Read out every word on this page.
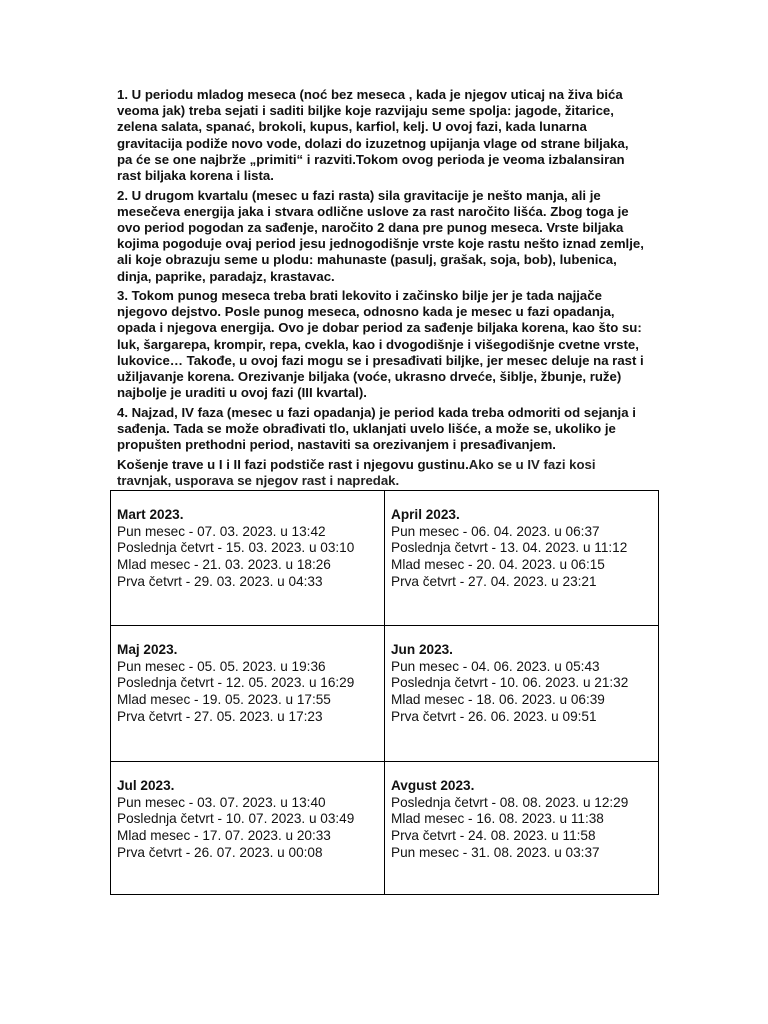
1. U periodu mladog meseca (noć bez meseca , kada je njegov uticaj na živa bića veoma jak) treba sejati i saditi biljke koje razvijaju seme spolja: jagode, žitarice, zelena salata, spanać, brokoli, kupus, karfiol, kelj. U ovoj fazi, kada lunarna gravitacija podiže novo vode, dolazi do izuzetnog upijanja vlage od strane biljaka, pa će se one najbrže „primiti“ i razviti.Tokom ovog perioda je veoma izbalansiran rast biljaka korena i lista.

2. U drugom kvartalu (mesec u fazi rasta) sila gravitacije je nešto manja, ali je mesečeva energija jaka i stvara odlične uslove za rast naročito lišća. Zbog toga je ovo period pogodan za sađenje, naročito 2 dana pre punog meseca. Vrste biljaka kojima pogoduje ovaj period jesu jednogodišnje vrste koje rastu nešto iznad zemlje, ali koje obrazuju seme u plodu: mahunaste (pasulj, grašak, soja, bob), lubenica, dinja, paprike, paradajz, krastavac.

3. Tokom punog meseca treba brati lekovito i začinsko bilje jer je tada najjače njegovo dejstvo. Posle punog meseca, odnosno kada je mesec u fazi opadanja, opada i njegova energija. Ovo je dobar period za sađenje biljaka korena, kao što su: luk, šargarepa, krompir, repa, cvekla, kao i dvogodišnje i višegodišnje cvetne vrste, lukovice… Takođe, u ovoj fazi mogu se i presađivati biljke, jer mesec deluje na rast i užiljavanje korena. Orezivanje biljaka (voće, ukrasno drveće, šiblje, žbunje, ruže) najbolje je uraditi u ovoj fazi (III kvartal).

4. Najzad, IV faza (mesec u fazi opadanja) je period kada treba odmoriti od sejanja i sađenja. Tada se može obrađivati tlo, uklanjati uvelo lišće, a može se, ukoliko je propušten prethodni period, nastaviti sa orezivanjem i presađivanjem.

Košenje trave u I i II fazi podstiče rast i njegovu gustinu.Ako se u IV fazi kosi travnjak, usporava se njegov rast i napredak.

Mart 2023.
Pun mesec - 07. 03. 2023. u 13:42
Poslednja četvrt - 15. 03. 2023. u 03:10
Mlad mesec - 21. 03. 2023. u 18:26
Prva četvrt - 29. 03. 2023. u 04:33
April 2023.
Pun mesec - 06. 04. 2023. u 06:37
Poslednja četvrt - 13. 04. 2023. u 11:12
Mlad mesec - 20. 04. 2023. u 06:15
Prva četvrt - 27. 04. 2023. u 23:21
Maj 2023.
Pun mesec - 05. 05. 2023. u 19:36
Poslednja četvrt - 12. 05. 2023. u 16:29
Mlad mesec - 19. 05. 2023. u 17:55
Prva četvrt - 27. 05. 2023. u 17:23
Jun 2023.
Pun mesec - 04. 06. 2023. u 05:43
Poslednja četvrt - 10. 06. 2023. u 21:32
Mlad mesec - 18. 06. 2023. u 06:39
Prva četvrt - 26. 06. 2023. u 09:51
Jul 2023.
Pun mesec - 03. 07. 2023. u 13:40
Poslednja četvrt - 10. 07. 2023. u 03:49
Mlad mesec - 17. 07. 2023. u 20:33
Prva četvrt - 26. 07. 2023. u 00:08
Avgust 2023.
Poslednja četvrt - 08. 08. 2023. u 12:29
Mlad mesec - 16. 08. 2023. u 11:38
Prva četvrt - 24. 08. 2023. u 11:58
Pun mesec - 31. 08. 2023. u 03:37
